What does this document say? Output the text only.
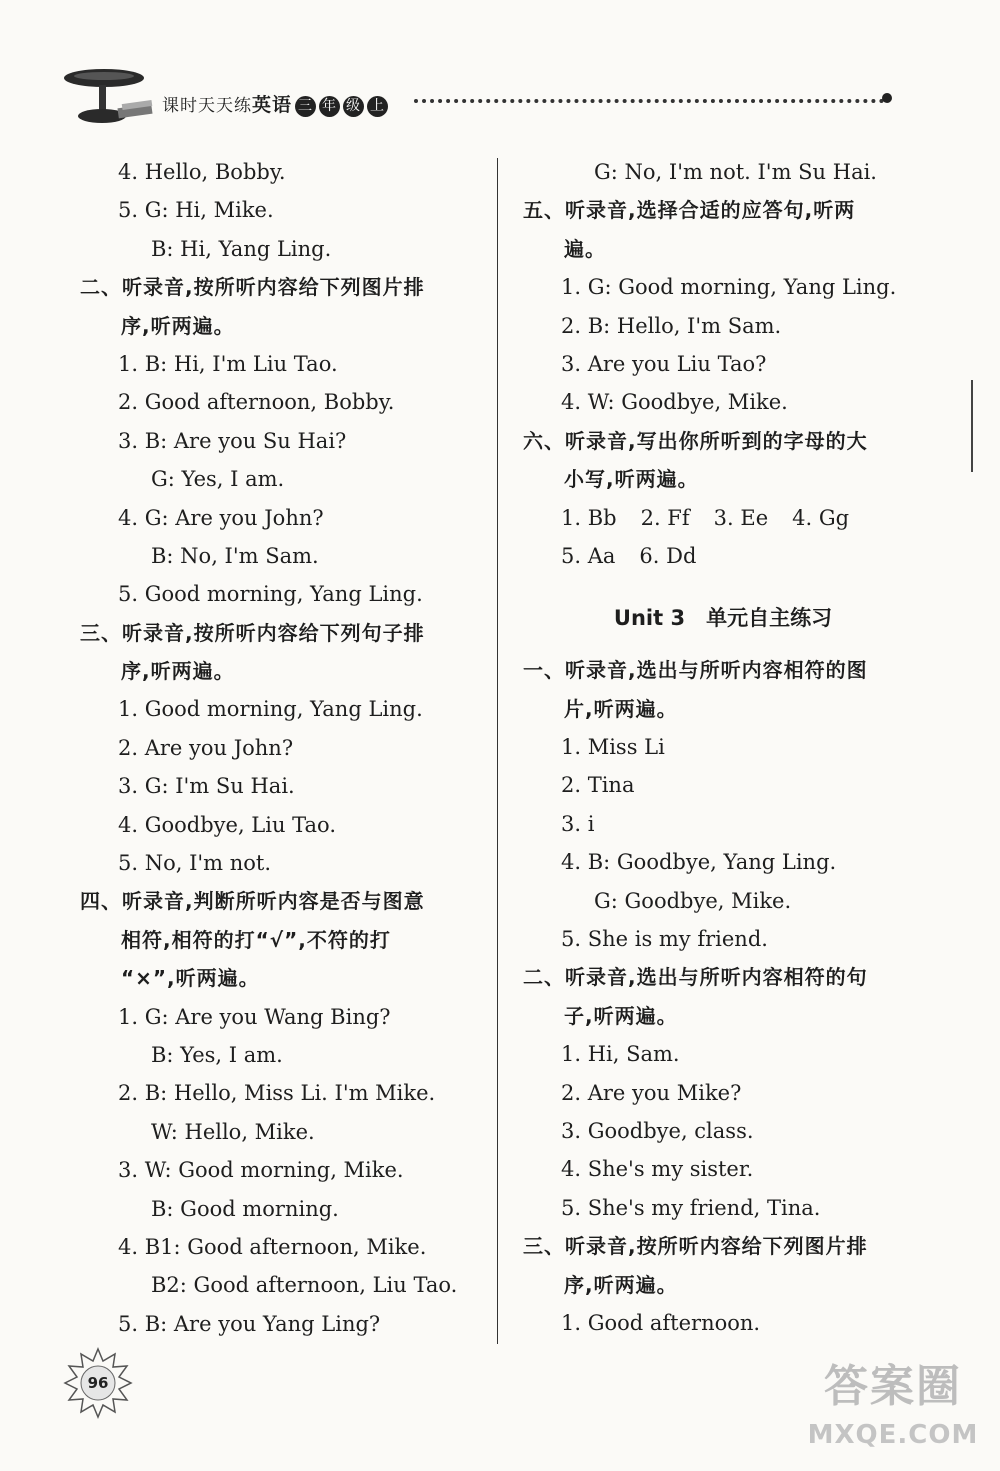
课时天天练英语 三 年 级 上
4. Hello, Bobby.
5. G: Hi, Mike.
B: Hi, Yang Ling.
二、听录音,按所听内容给下列图片排
序,听两遍。
1. B: Hi, I'm Liu Tao.
2. Good afternoon, Bobby.
3. B: Are you Su Hai?
G: Yes, I am.
4. G: Are you John?
B: No, I'm Sam.
5. Good morning, Yang Ling.
三、听录音,按所听内容给下列句子排
序,听两遍。
1. Good morning, Yang Ling.
2. Are you John?
3. G: I'm Su Hai.
4. Goodbye, Liu Tao.
5. No, I'm not.
四、听录音,判断所听内容是否与图意
相符,相符的打“√”,不符的打
“×”,听两遍。
1. G: Are you Wang Bing?
B: Yes, I am.
2. B: Hello, Miss Li. I'm Mike.
W: Hello, Mike.
3. W: Good morning, Mike.
B: Good morning.
4. B1: Good afternoon, Mike.
B2: Good afternoon, Liu Tao.
5. B: Are you Yang Ling?
G: No, I'm not. I'm Su Hai.
五、听录音,选择合适的应答句,听两
遍。
1. G: Good morning, Yang Ling.
2. B: Hello, I'm Sam.
3. Are you Liu Tao?
4. W: Goodbye, Mike.
六、听录音,写出你所听到的字母的大
小写,听两遍。
1. Bb 2. Ff 3. Ee 4. Gg
5. Aa 6. Dd
Unit 3　单元自主练习
一、听录音,选出与所听内容相符的图
片,听两遍。
1. Miss Li
2. Tina
3. i
4. B: Goodbye, Yang Ling.
G: Goodbye, Mike.
5. She is my friend.
二、听录音,选出与所听内容相符的句
子,听两遍。
1. Hi, Sam.
2. Are you Mike?
3. Goodbye, class.
4. She's my sister.
5. She's my friend, Tina.
三、听录音,按所听内容给下列图片排
序,听两遍。
1. Good afternoon.
96	答案圈
MXQE.COM
